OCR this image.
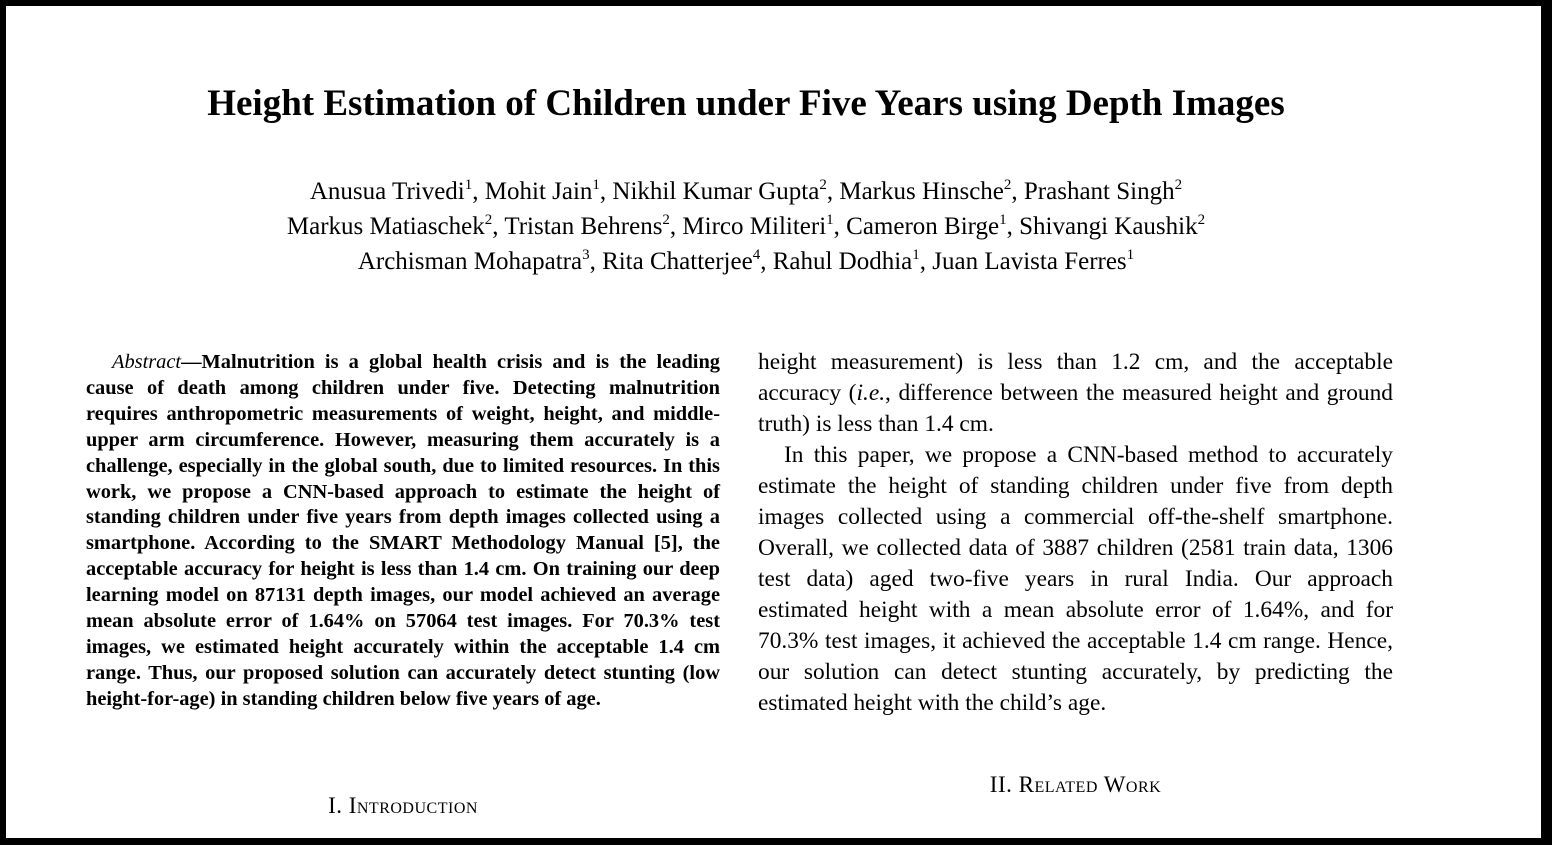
Height Estimation of Children under Five Years using Depth Images
Anusua Trivedi$^1$, Mohit Jain$^1$, Nikhil Kumar Gupta$^2$, Markus Hinsche$^2$, Prashant Singh$^2$
Markus Matiaschek$^2$, Tristan Behrens$^2$, Mirco Militeri$^1$, Cameron Birge$^1$, Shivangi Kaushik$^2$
Archisman Mohapatra$^3$, Rita Chatterjee$^4$, Rahul Dodhia$^1$, Juan Lavista Ferres$^1$
Abstract—Malnutrition is a global health crisis and is the leading cause of death among children under five. Detecting malnutrition requires anthropometric measurements of weight, height, and middle-upper arm circumference. However, measuring them accurately is a challenge, especially in the global south, due to limited resources. In this work, we propose a CNN-based approach to estimate the height of standing children under five years from depth images collected using a smartphone. According to the SMART Methodology Manual [5], the acceptable accuracy for height is less than 1.4 cm. On training our deep learning model on 87131 depth images, our model achieved an average mean absolute error of 1.64% on 57064 test images. For 70.3% test images, we estimated height accurately within the acceptable 1.4 cm range. Thus, our proposed solution can accurately detect stunting (low height-for-age) in standing children below five years of age.
I. Introduction

height measurement) is less than 1.2 cm, and the acceptable accuracy (i.e., difference between the measured height and ground truth) is less than 1.4 cm.

In this paper, we propose a CNN-based method to accurately estimate the height of standing children under five from depth images collected using a commercial off-the-shelf smartphone. Overall, we collected data of 3887 children (2581 train data, 1306 test data) aged two-five years in rural India. Our approach estimated height with a mean absolute error of 1.64%, and for 70.3% test images, it achieved the acceptable 1.4 cm range. Hence, our solution can detect stunting accurately, by predicting the estimated height with the child’s age.

II. Related Work
